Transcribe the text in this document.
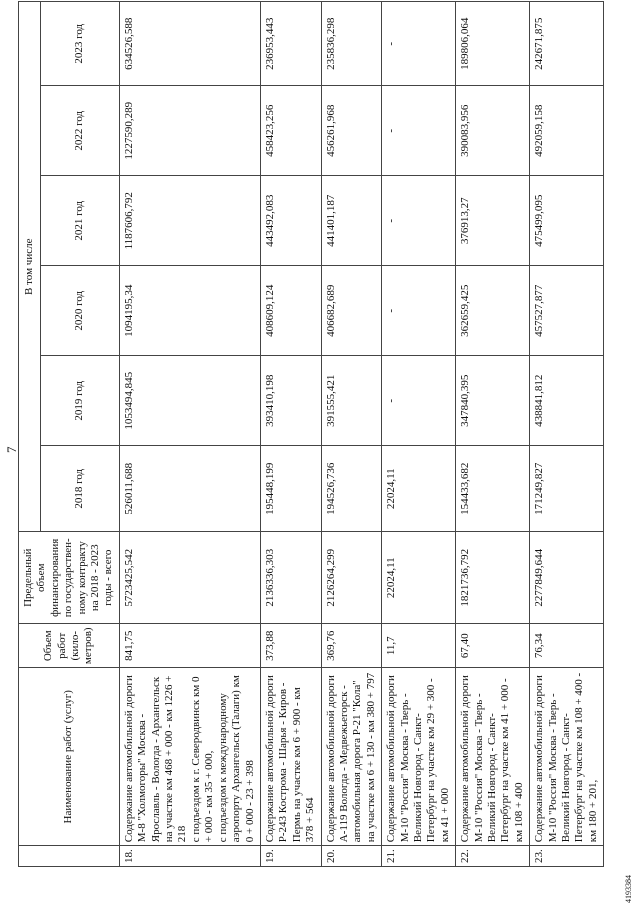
7
4193384
	Наименование работ (услуг)	Объем работ (кило-метров)	Предельный объем финансирования по государствен-ному контракту на 2018 - 2023 годы - всего	В том числе					
				2018 год	2019 год	2020 год	2021 год	2022 год	2023 год
18.	Содержание автомобильной дороги М-8 "Холмогоры" Москва - Ярославль - Вологда - Архангельск на участке км 468 + 000 - км 1226 + 218
с подъездом к г. Северодвинск км 0 + 000 - км 35 + 000,
с подъездом к международному аэропорту Архангельск (Талаги) км 0 + 000 - 23 + 398	841,75	5723425,542	526011,688	1053494,845	1094195,34	1187606,792	1227590,289	634526,588
19.	Содержание автомобильной дороги Р-243 Кострома - Шарья - Киров - Пермь на участке км 6 + 900 - км 378 + 564	373,88	2136336,303	195448,199	393410,198	408609,124	443492,083	458423,256	236953,443
20.	Содержание автомобильной дороги А-119 Вологда - Медвежьегорск - автомобильная дорога Р-21 "Кола" на участке км 6 + 130 - км 380 + 797	369,76	2126264,299	194526,736	391555,421	406682,689	441401,187	456261,968	235836,298
21.	Содержание автомобильной дороги М-10 "Россия" Москва - Тверь - Великий Новгород - Санкт-Петербург на участке км 29 + 300 - км 41 + 000	11,7	22024,11	22024,11	-	-	-	-	-
22.	Содержание автомобильной дороги М-10 "Россия" Москва - Тверь - Великий Новгород - Санкт-Петербург на участке км 41 + 000 - км 108 + 400	67,40	1821736,792	154433,682	347840,395	362659,425	376913,27	390083,956	189806,064
23.	Содержание автомобильной дороги М-10 "Россия" Москва - Тверь - Великий Новгород - Санкт-Петербург на участке км 108 + 400 - км 180 + 201,	76,34	2277849,644	171249,827	438841,812	457527,877	475499,095	492059,158	242671,875
